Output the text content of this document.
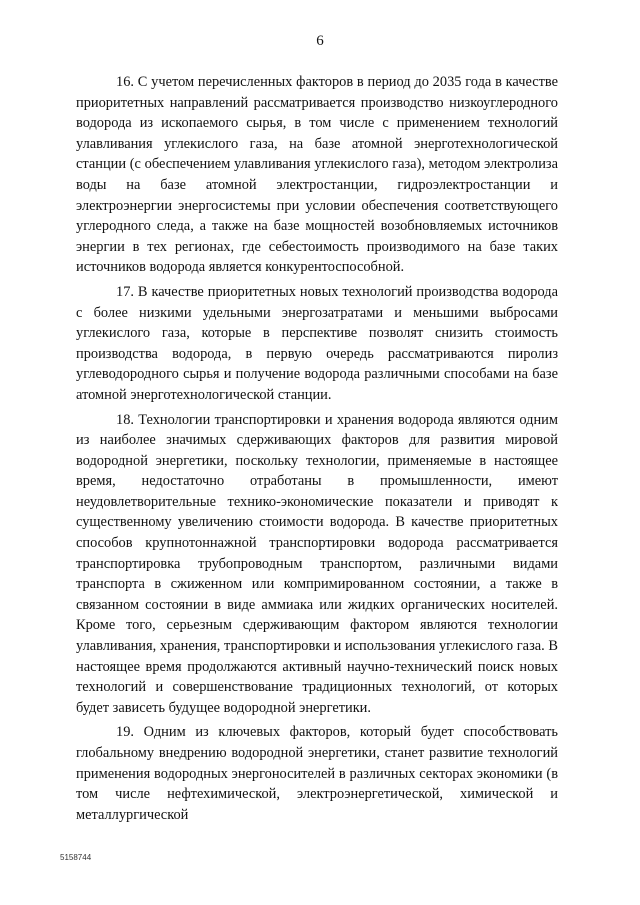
6

16. С учетом перечисленных факторов в период до 2035 года в качестве приоритетных направлений рассматривается производство низкоуглеродного водорода из ископаемого сырья, в том числе с применением технологий улавливания углекислого газа, на базе атомной энерготехнологической станции (с обеспечением улавливания углекислого газа), методом электролиза воды на базе атомной электростанции, гидроэлектростанции и электроэнергии энергосистемы при условии обеспечения соответствующего углеродного следа, а также на базе мощностей возобновляемых источников энергии в тех регионах, где себестоимость производимого на базе таких источников водорода является конкурентоспособной.

17. В качестве приоритетных новых технологий производства водорода с более низкими удельными энергозатратами и меньшими выбросами углекислого газа, которые в перспективе позволят снизить стоимость производства водорода, в первую очередь рассматриваются пиролиз углеводородного сырья и получение водорода различными способами на базе атомной энерготехнологической станции.

18. Технологии транспортировки и хранения водорода являются одним из наиболее значимых сдерживающих факторов для развития мировой водородной энергетики, поскольку технологии, применяемые в настоящее время, недостаточно отработаны в промышленности, имеют неудовлетворительные технико-экономические показатели и приводят к существенному увеличению стоимости водорода. В качестве приоритетных способов крупнотоннажной транспортировки водорода рассматривается транспортировка трубопроводным транспортом, различными видами транспорта в сжиженном или компримированном состоянии, а также в связанном состоянии в виде аммиака или жидких органических носителей. Кроме того, серьезным сдерживающим фактором являются технологии улавливания, хранения, транспортировки и использования углекислого газа. В настоящее время продолжаются активный научно-технический поиск новых технологий и совершенствование традиционных технологий, от которых будет зависеть будущее водородной энергетики.

19. Одним из ключевых факторов, который будет способствовать глобальному внедрению водородной энергетики, станет развитие технологий применения водородных энергоносителей в различных секторах экономики (в том числе нефтехимической, электроэнергетической, химической и металлургической

5158744
